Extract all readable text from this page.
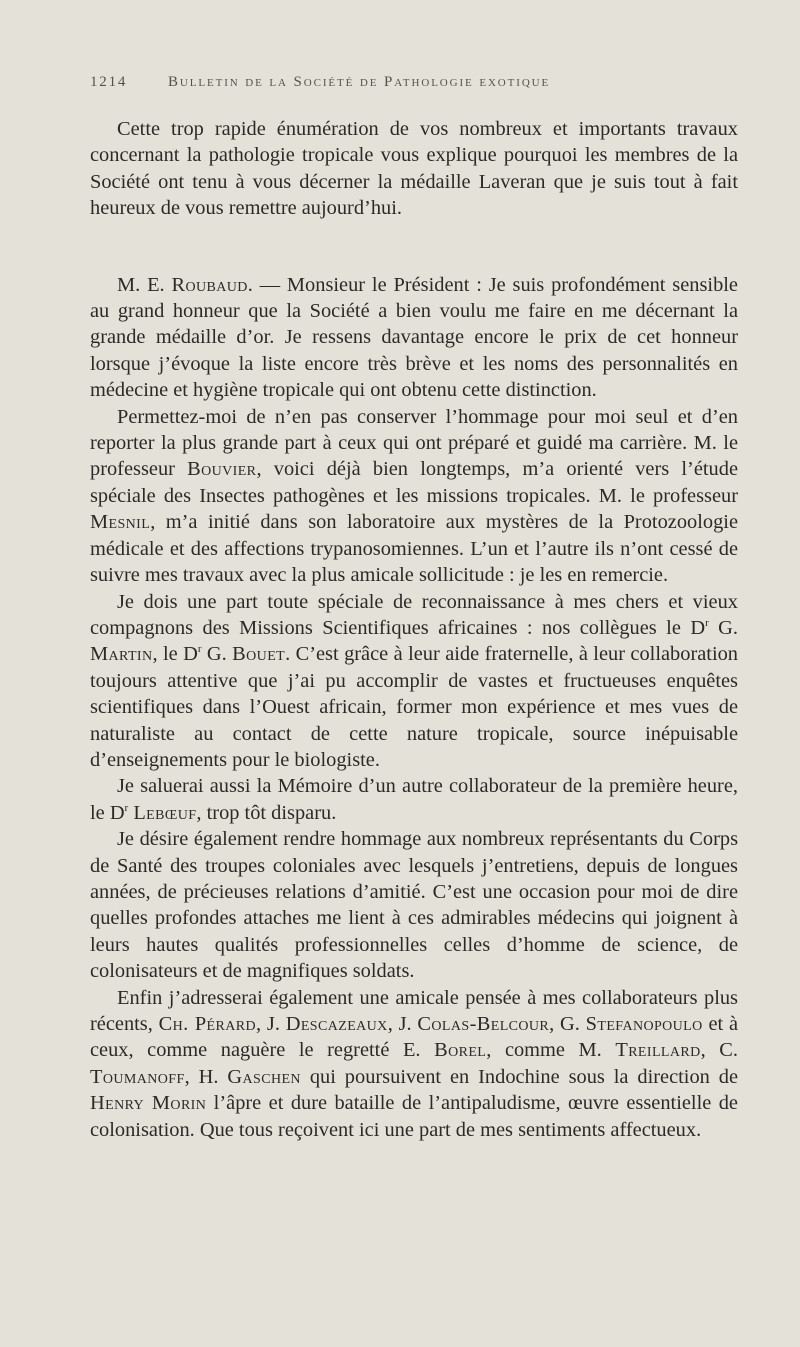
1214	Bulletin de la Société de Pathologie exotique

Cette trop rapide énumération de vos nombreux et importants travaux concernant la pathologie tropicale vous explique pourquoi les membres de la Société ont tenu à vous décerner la médaille Laveran que je suis tout à fait heureux de vous remettre aujourd’hui.

M. E. Roubaud. — Monsieur le Président : Je suis profondément sensible au grand honneur que la Société a bien voulu me faire en me décernant la grande médaille d’or. Je ressens davantage encore le prix de cet honneur lorsque j’évoque la liste encore très brève et les noms des personnalités en médecine et hygiène tropicale qui ont obtenu cette distinction.

Permettez-moi de n’en pas conserver l’hommage pour moi seul et d’en reporter la plus grande part à ceux qui ont préparé et guidé ma carrière. M. le professeur Bouvier, voici déjà bien longtemps, m’a orienté vers l’étude spéciale des Insectes pathogènes et les missions tropicales. M. le professeur Mesnil, m’a initié dans son laboratoire aux mystères de la Protozoologie médicale et des affections trypanosomiennes. L’un et l’autre ils n’ont cessé de suivre mes travaux avec la plus amicale sollicitude : je les en remercie.

Je dois une part toute spéciale de reconnaissance à mes chers et vieux compagnons des Missions Scientifiques africaines : nos collègues le $D^r$ G. Martin, le $D^r$ G. Bouet. C’est grâce à leur aide fraternelle, à leur collaboration toujours attentive que j’ai pu accomplir de vastes et fructueuses enquêtes scientifiques dans l’Ouest africain, former mon expérience et mes vues de naturaliste au contact de cette nature tropicale, source inépuisable d’enseignements pour le biologiste.

Je saluerai aussi la Mémoire d’un autre collaborateur de la première heure, le $D^r$ Lebœuf, trop tôt disparu.

Je désire également rendre hommage aux nombreux représentants du Corps de Santé des troupes coloniales avec lesquels j’entretiens, depuis de longues années, de précieuses relations d’amitié. C’est une occasion pour moi de dire quelles profondes attaches me lient à ces admirables médecins qui joignent à leurs hautes qualités professionnelles celles d’homme de science, de colonisateurs et de magnifiques soldats.

Enfin j’adresserai également une amicale pensée à mes collaborateurs plus récents, Ch. Pérard, J. Descazeaux, J. Colas-Belcour, G. Stefanopoulo et à ceux, comme naguère le regretté E. Borel, comme M. Treillard, C. Toumanoff, H. Gaschen qui poursuivent en Indochine sous la direction de Henry Morin l’âpre et dure bataille de l’antipaludisme, œuvre essentielle de colonisation. Que tous reçoivent ici une part de mes sentiments affectueux.
